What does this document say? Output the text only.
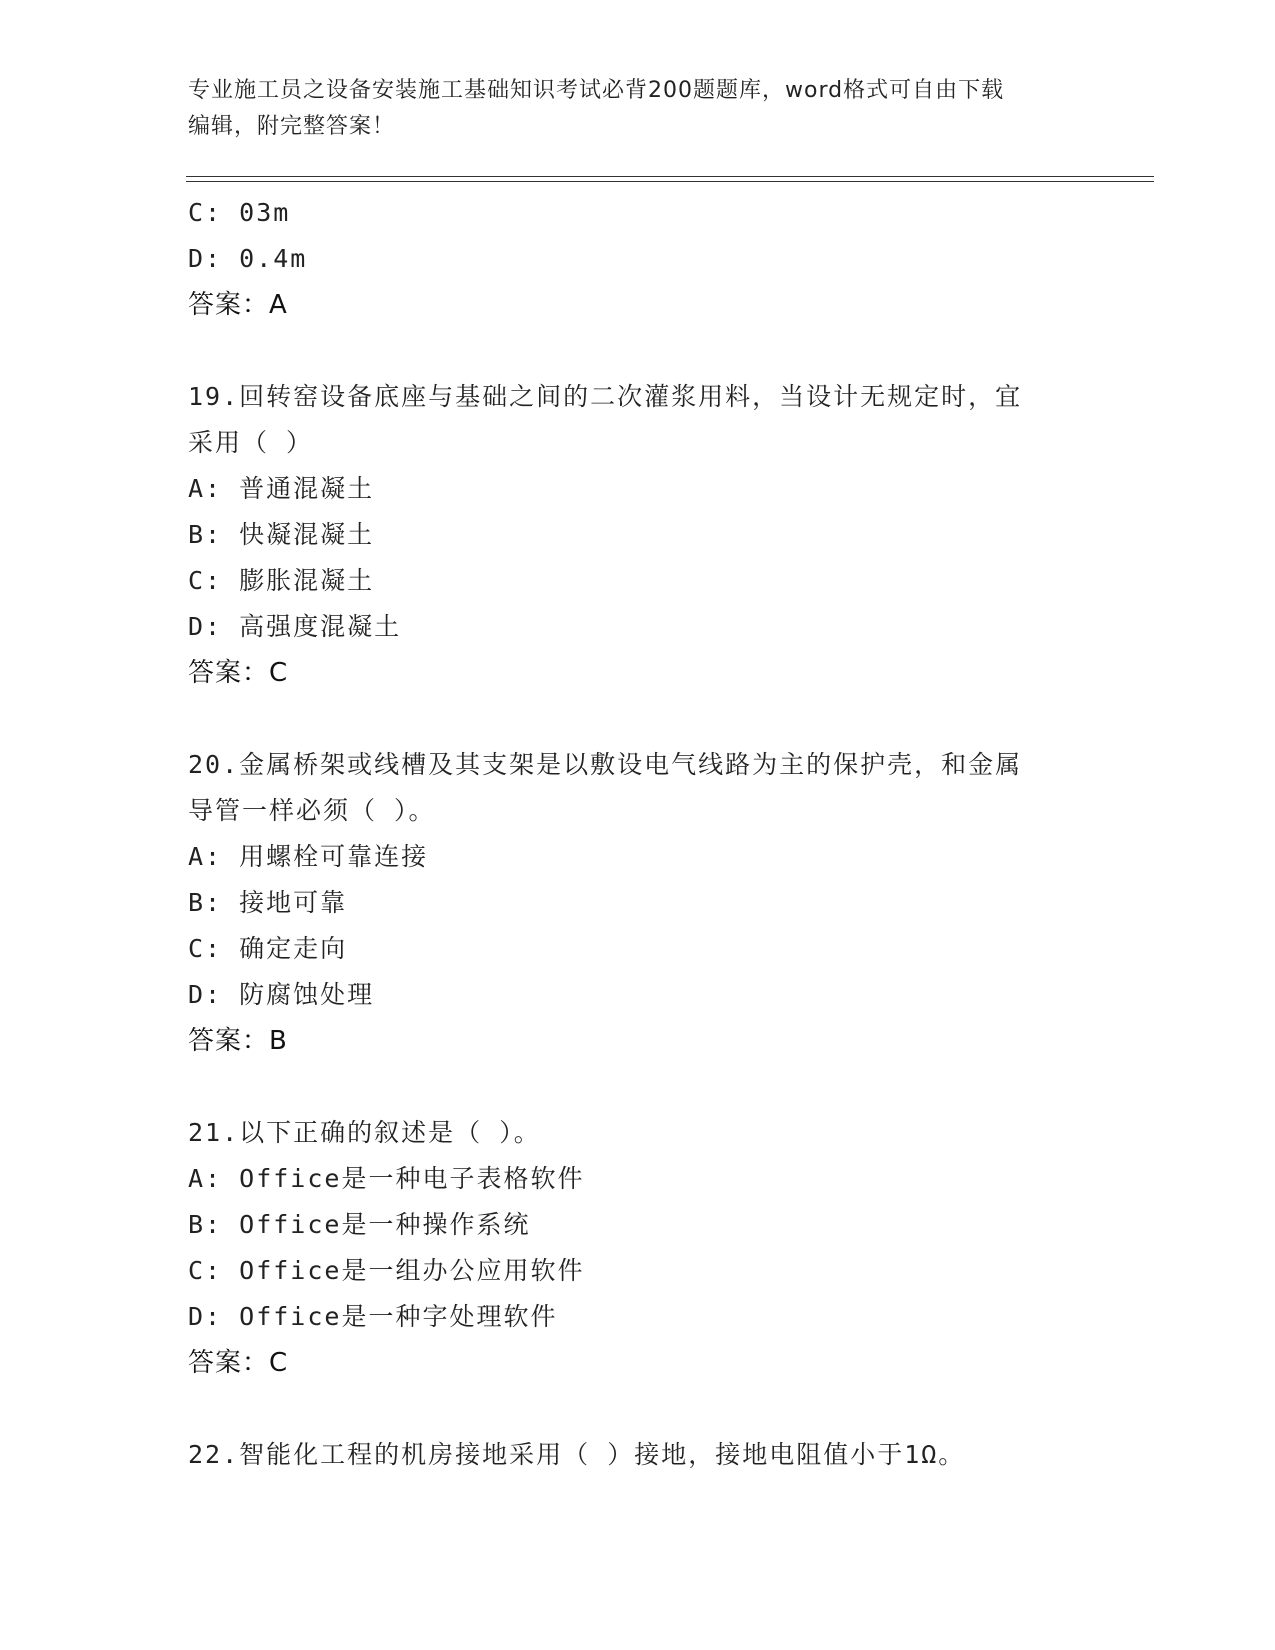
专业施工员之设备安装施工基础知识考试必背200题题库，word格式可自由下载
编辑，附完整答案！
C: 03m
D: 0.4m
答案：A
19.回转窑设备底座与基础之间的二次灌浆用料，当设计无规定时，宜
采用（ ）
A: 普通混凝土
B: 快凝混凝土
C: 膨胀混凝土
D: 高强度混凝土
答案：C
20.金属桥架或线槽及其支架是以敷设电气线路为主的保护壳，和金属
导管一样必须（ ）。
A: 用螺栓可靠连接
B: 接地可靠
C: 确定走向
D: 防腐蚀处理
答案：B
21.以下正确的叙述是（ ）。
A: Office是一种电子表格软件
B: Office是一种操作系统
C: Office是一组办公应用软件
D: Office是一种字处理软件
答案：C
22.智能化工程的机房接地采用（ ）接地，接地电阻值小于1Ω。
